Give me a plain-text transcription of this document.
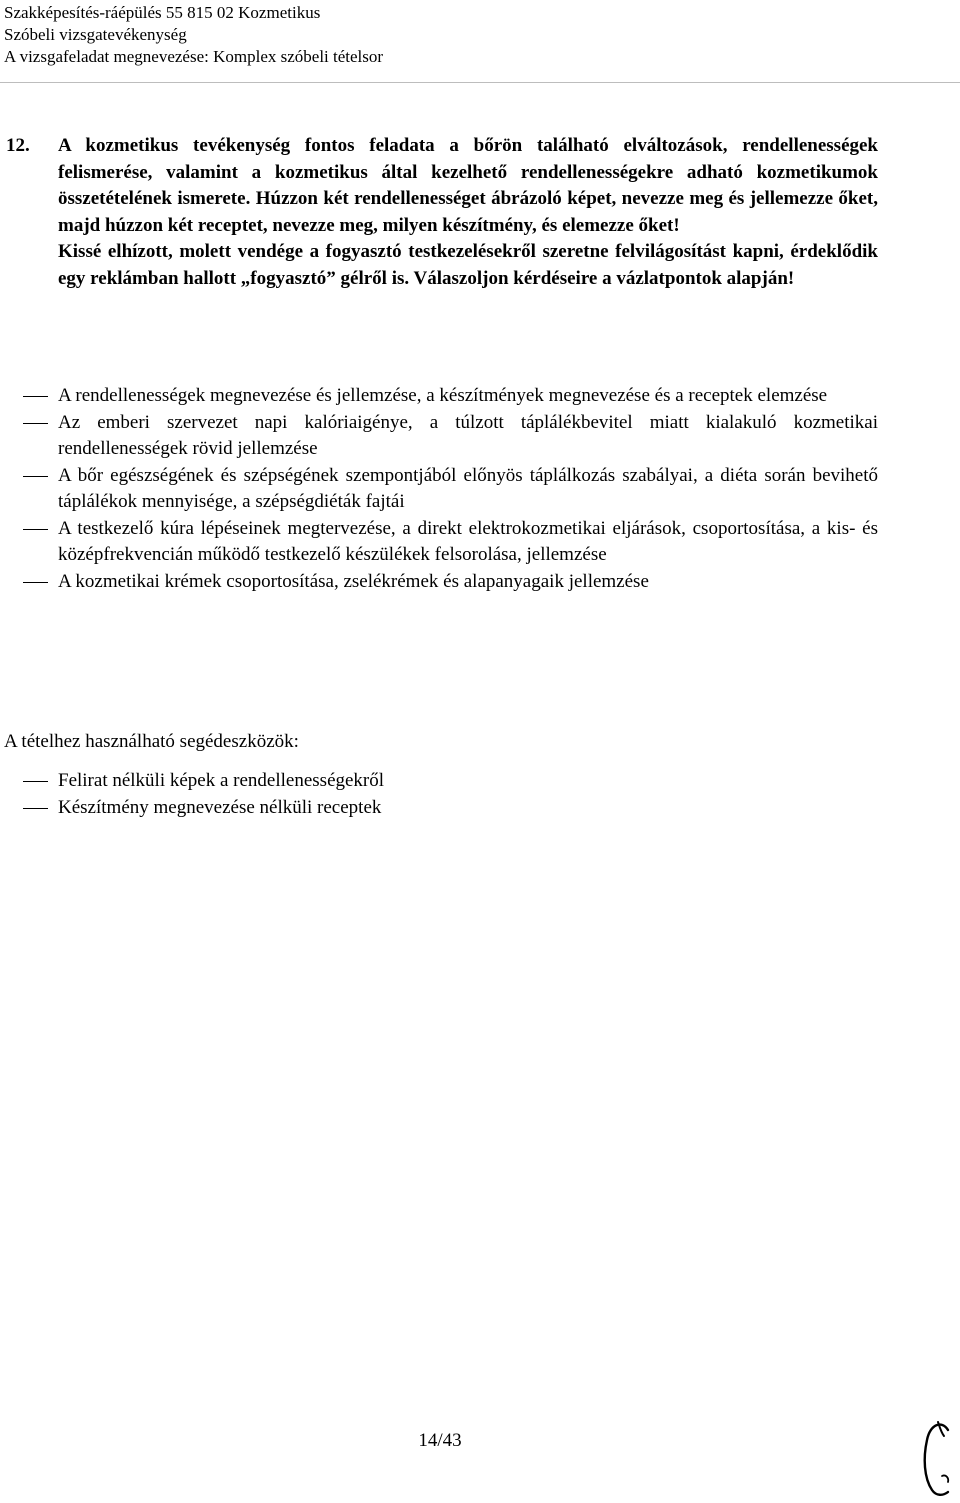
Szakképesítés-ráépülés 55 815 02 Kozmetikus
Szóbeli vizsgatevékenység
A vizsgafeladat megnevezése: Komplex szóbeli tételsor
12. A kozmetikus tevékenység fontos feladata a bőrön található elváltozások, rendellenességek felismerése, valamint a kozmetikus által kezelhető rendellenességekre adható kozmetikumok összetételének ismerete. Húzzon két rendellenességet ábrázoló képet, nevezze meg és jellemezze őket, majd húzzon két receptet, nevezze meg, milyen készítmény, és elemezze őket!

Kissé elhízott, molett vendége a fogyasztó testkezelésekről szeretne felvilágosítást kapni, érdeklődik egy reklámban hallott „fogyasztó” gélről is. Válaszoljon kérdéseire a vázlatpontok alapján!

A rendellenességek megnevezése és jellemzése, a készítmények megnevezése és a receptek elemzése
Az emberi szervezet napi kalóriaigénye, a túlzott táplálékbevitel miatt kialakuló kozmetikai rendellenességek rövid jellemzése
A bőr egészségének és szépségének szempontjából előnyös táplálkozás szabályai, a diéta során bevihető táplálékok mennyisége, a szépségdiéták fajtái
A testkezelő kúra lépéseinek megtervezése, a direkt elektrokozmetikai eljárások, csoportosítása, a kis- és középfrekvencián működő testkezelő készülékek felsorolása, jellemzése
A kozmetikai krémek csoportosítása, zselékrémek és alapanyagaik jellemzése
A tételhez használható segédeszközök:
Felirat nélküli képek a rendellenességekről
Készítmény megnevezése nélküli receptek
14/43
